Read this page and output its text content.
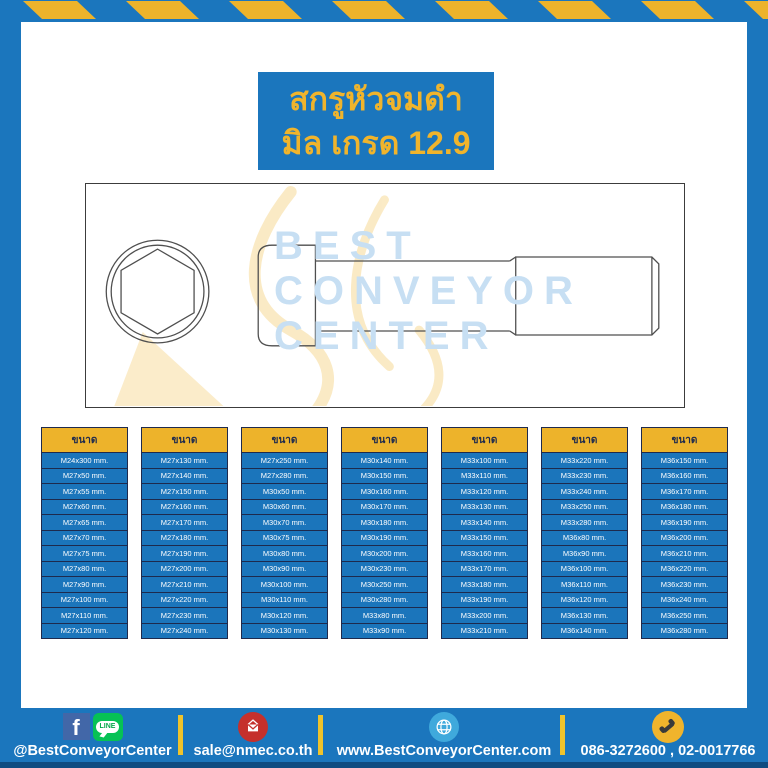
สกรูหัวจมดำ
มิล เกรด 12.9
BEST
CONVEYOR
CENTER
ขนาด
M24x300 mm.
M27x50 mm.
M27x55 mm.
M27x60 mm.
M27x65 mm.
M27x70 mm.
M27x75 mm.
M27x80 mm.
M27x90 mm.
M27x100 mm.
M27x110 mm.
M27x120 mm.
ขนาด
M27x130 mm.
M27x140 mm.
M27x150 mm.
M27x160 mm.
M27x170 mm.
M27x180 mm.
M27x190 mm.
M27x200 mm.
M27x210 mm.
M27x220 mm.
M27x230 mm.
M27x240 mm.
ขนาด
M27x250 mm.
M27x280 mm.
M30x50 mm.
M30x60 mm.
M30x70 mm.
M30x75 mm.
M30x80 mm.
M30x90 mm.
M30x100 mm.
M30x110 mm.
M30x120 mm.
M30x130 mm.
ขนาด
M30x140 mm.
M30x150 mm.
M30x160 mm.
M30x170 mm.
M30x180 mm.
M30x190 mm.
M30x200 mm.
M30x230 mm.
M30x250 mm.
M30x280 mm.
M33x80 mm.
M33x90 mm.
ขนาด
M33x100 mm.
M33x110 mm.
M33x120 mm.
M33x130 mm.
M33x140 mm.
M33x150 mm.
M33x160 mm.
M33x170 mm.
M33x180 mm.
M33x190 mm.
M33x200 mm.
M33x210 mm.
ขนาด
M33x220 mm.
M33x230 mm.
M33x240 mm.
M33x250 mm.
M33x280 mm.
M36x80 mm.
M36x90 mm.
M36x100 mm.
M36x110 mm.
M36x120 mm.
M36x130 mm.
M36x140 mm.
ขนาด
M36x150 mm.
M36x160 mm.
M36x170 mm.
M36x180 mm.
M36x190 mm.
M36x200 mm.
M36x210 mm.
M36x220 mm.
M36x230 mm.
M36x240 mm.
M36x250 mm.
M36x280 mm.
f	LINE
@BestConveyorCenter sale@nmec.co.th www.BestConveyorCenter.com 086-3272600 , 02-0017766
